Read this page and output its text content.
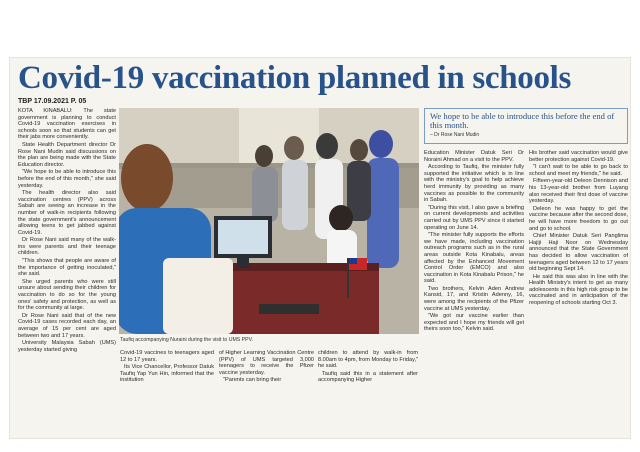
Covid-19 vaccination planned in schools
TBP 17.09.2021 P. 05

KOTA KINABALU: The state government is planning to conduct Covid-19 vaccination exercises in schools soon so that students can get their jabs more conveniently.

State Health Department director Dr Rose Nani Mudin said discussions on the plan are being made with the State Education director.

"We hope to be able to introduce this before the end of this month," she said yesterday.

The health director also said vaccination centres (PPV) across Sabah are seeing an increase in the number of walk-in recipients following the state government's announcement allowing teens to get jabbed against Covid-19.

Dr Rose Nani said many of the walk-ins were parents and their teenage children.

"This shows that people are aware of the importance of getting inoculated," she said.

She urged parents who were still unsure about sending their children for vaccination to do so for the young ones' safety and protection, as well as for the community at large.

Dr Rose Nani said that of the new Covid-19 cases recorded each day, an average of 15 per cent are aged between two and 17 years.

University Malaysia Sabah (UMS) yesterday started giving

Taufiq accompanying Nuraini during the visit to UMS PPV.

Covid-19 vaccines to teenagers aged 12 to 17 years.

Its Vice Chancellor, Professor Datuk Taufiq Yap Yun Hin, informed that the institution

of Higher Learning Vaccination Centre (PPV) of UMS targeted 3,000 teenagers to receive the Pfizer vaccine yesterday.

"Parents can bring their

children to attend by walk-in from 8.00am to 4pm, from Monday to Friday," he said.

Taufiq said this in a statement after accompanying Higher

We hope to be able to introduce this before the end of this month.
– Dr Rose Nani Mudin

Education Minister Datuk Seri Dr Noraini Ahmad on a visit to the PPV.

According to Taufiq, the minister fully supported the initiative which is in line with the ministry's goal to help achieve herd immunity by providing as many vaccines as possible to the community in Sabah.

"During this visit, I also gave a briefing on current developments and activities carried out by UMS PPV since it started operating on June 14.

"The minister fully supports the efforts we have made, including vaccination outreach programs such as in the rural areas outside Kota Kinabalu, areas affected by the Enhanced Movement Control Order (EMCO) and also vaccination in Kota Kinabalu Prison," he said.

Two brothers, Kelvin Aden Andrew Kansid, 17, and Kristin Adenny, 16, were among the recipients of the Pfizer vaccine at UMS yesterday.

"We got our vaccine earlier than expected and I hope my friends will get theirs soon too," Kelvin said.

His brother said vaccination would give better protection against Covid-19.

"I can't wait to be able to go back to school and meet my friends," he said.

Fifteen-year-old Deleon Dennison and his 13-year-old brother from Luyang also received their first dose of vaccine yesterday.

Deleon he was happy to get the vaccine because after the second dose, he will have more freedom to go out and go to school.

Chief Minister Datuk Seri Panglima Hajiji Haji Noor on Wednesday announced that the State Government has decided to allow vaccination of teenagers aged between 12 to 17 years old beginning Sept 14.

He said this was also in line with the Health Ministry's intent to get as many adolescents in this high risk group to be vaccinated and in anticipation of the reopening of schools starting Oct 3.
